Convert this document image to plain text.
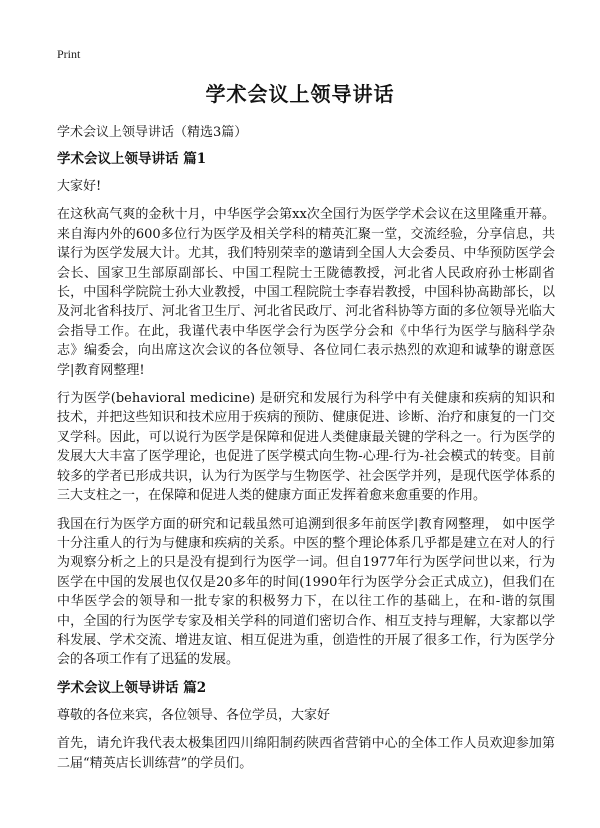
Print
学术会议上领导讲话
学术会议上领导讲话（精选3篇）
学术会议上领导讲话 篇1

大家好!

在这秋高气爽的金秋十月，中华医学会第xx次全国行为医学学术会议在这里隆重开幕。来自海内外的600多位行为医学及相关学科的精英汇聚一堂，交流经验，分享信息，共谋行为医学发展大计。尤其，我们特别荣幸的邀请到全国人大会委员、中华预防医学会会长、国家卫生部原副部长、中国工程院士王陇德教授，河北省人民政府孙士彬副省长，中国科学院院士孙大业教授，中国工程院院士李春岩教授，中国科协高勘部长，以及河北省科技厅、河北省卫生厅、河北省民政厅、河北省科协等方面的多位领导光临大会指导工作。在此，我谨代表中华医学会行为医学分会和《中华行为医学与脑科学杂志》编委会，向出席这次会议的各位领导、各位同仁表示热烈的欢迎和诚挚的谢意医学|教育网整理!

行为医学(behavioral medicine) 是研究和发展行为科学中有关健康和疾病的知识和技术，并把这些知识和技术应用于疾病的预防、健康促进、诊断、治疗和康复的一门交叉学科。因此，可以说行为医学是保障和促进人类健康最关键的学科之一。行为医学的发展大大丰富了医学理论，也促进了医学模式向生物-心理-行为-社会模式的转变。目前较多的学者已形成共识，认为行为医学与生物医学、社会医学并列，是现代医学体系的三大支柱之一，在保障和促进人类的健康方面正发挥着愈来愈重要的作用。

我国在行为医学方面的研究和记载虽然可追溯到很多年前医学|教育网整理， 如中医学十分注重人的行为与健康和疾病的关系。中医的整个理论体系几乎都是建立在对人的行为观察分析之上的只是没有提到行为医学一词。但自1977年行为医学问世以来，行为医学在中国的发展也仅仅是20多年的时间(1990年行为医学分会正式成立)，但我们在中华医学会的领导和一批专家的积极努力下，在以往工作的基础上，在和-谐的氛围中，全国的行为医学专家及相关学科的同道们密切合作、相互支持与理解，大家都以学科发展、学术交流、增进友谊、相互促进为重，创造性的开展了很多工作，行为医学分会的各项工作有了迅猛的发展。

学术会议上领导讲话 篇2

尊敬的各位来宾，各位领导、各位学员，大家好

首先，请允许我代表太极集团四川绵阳制药陕西省营销中心的全体工作人员欢迎参加第二届“精英店长训练营”的学员们。
